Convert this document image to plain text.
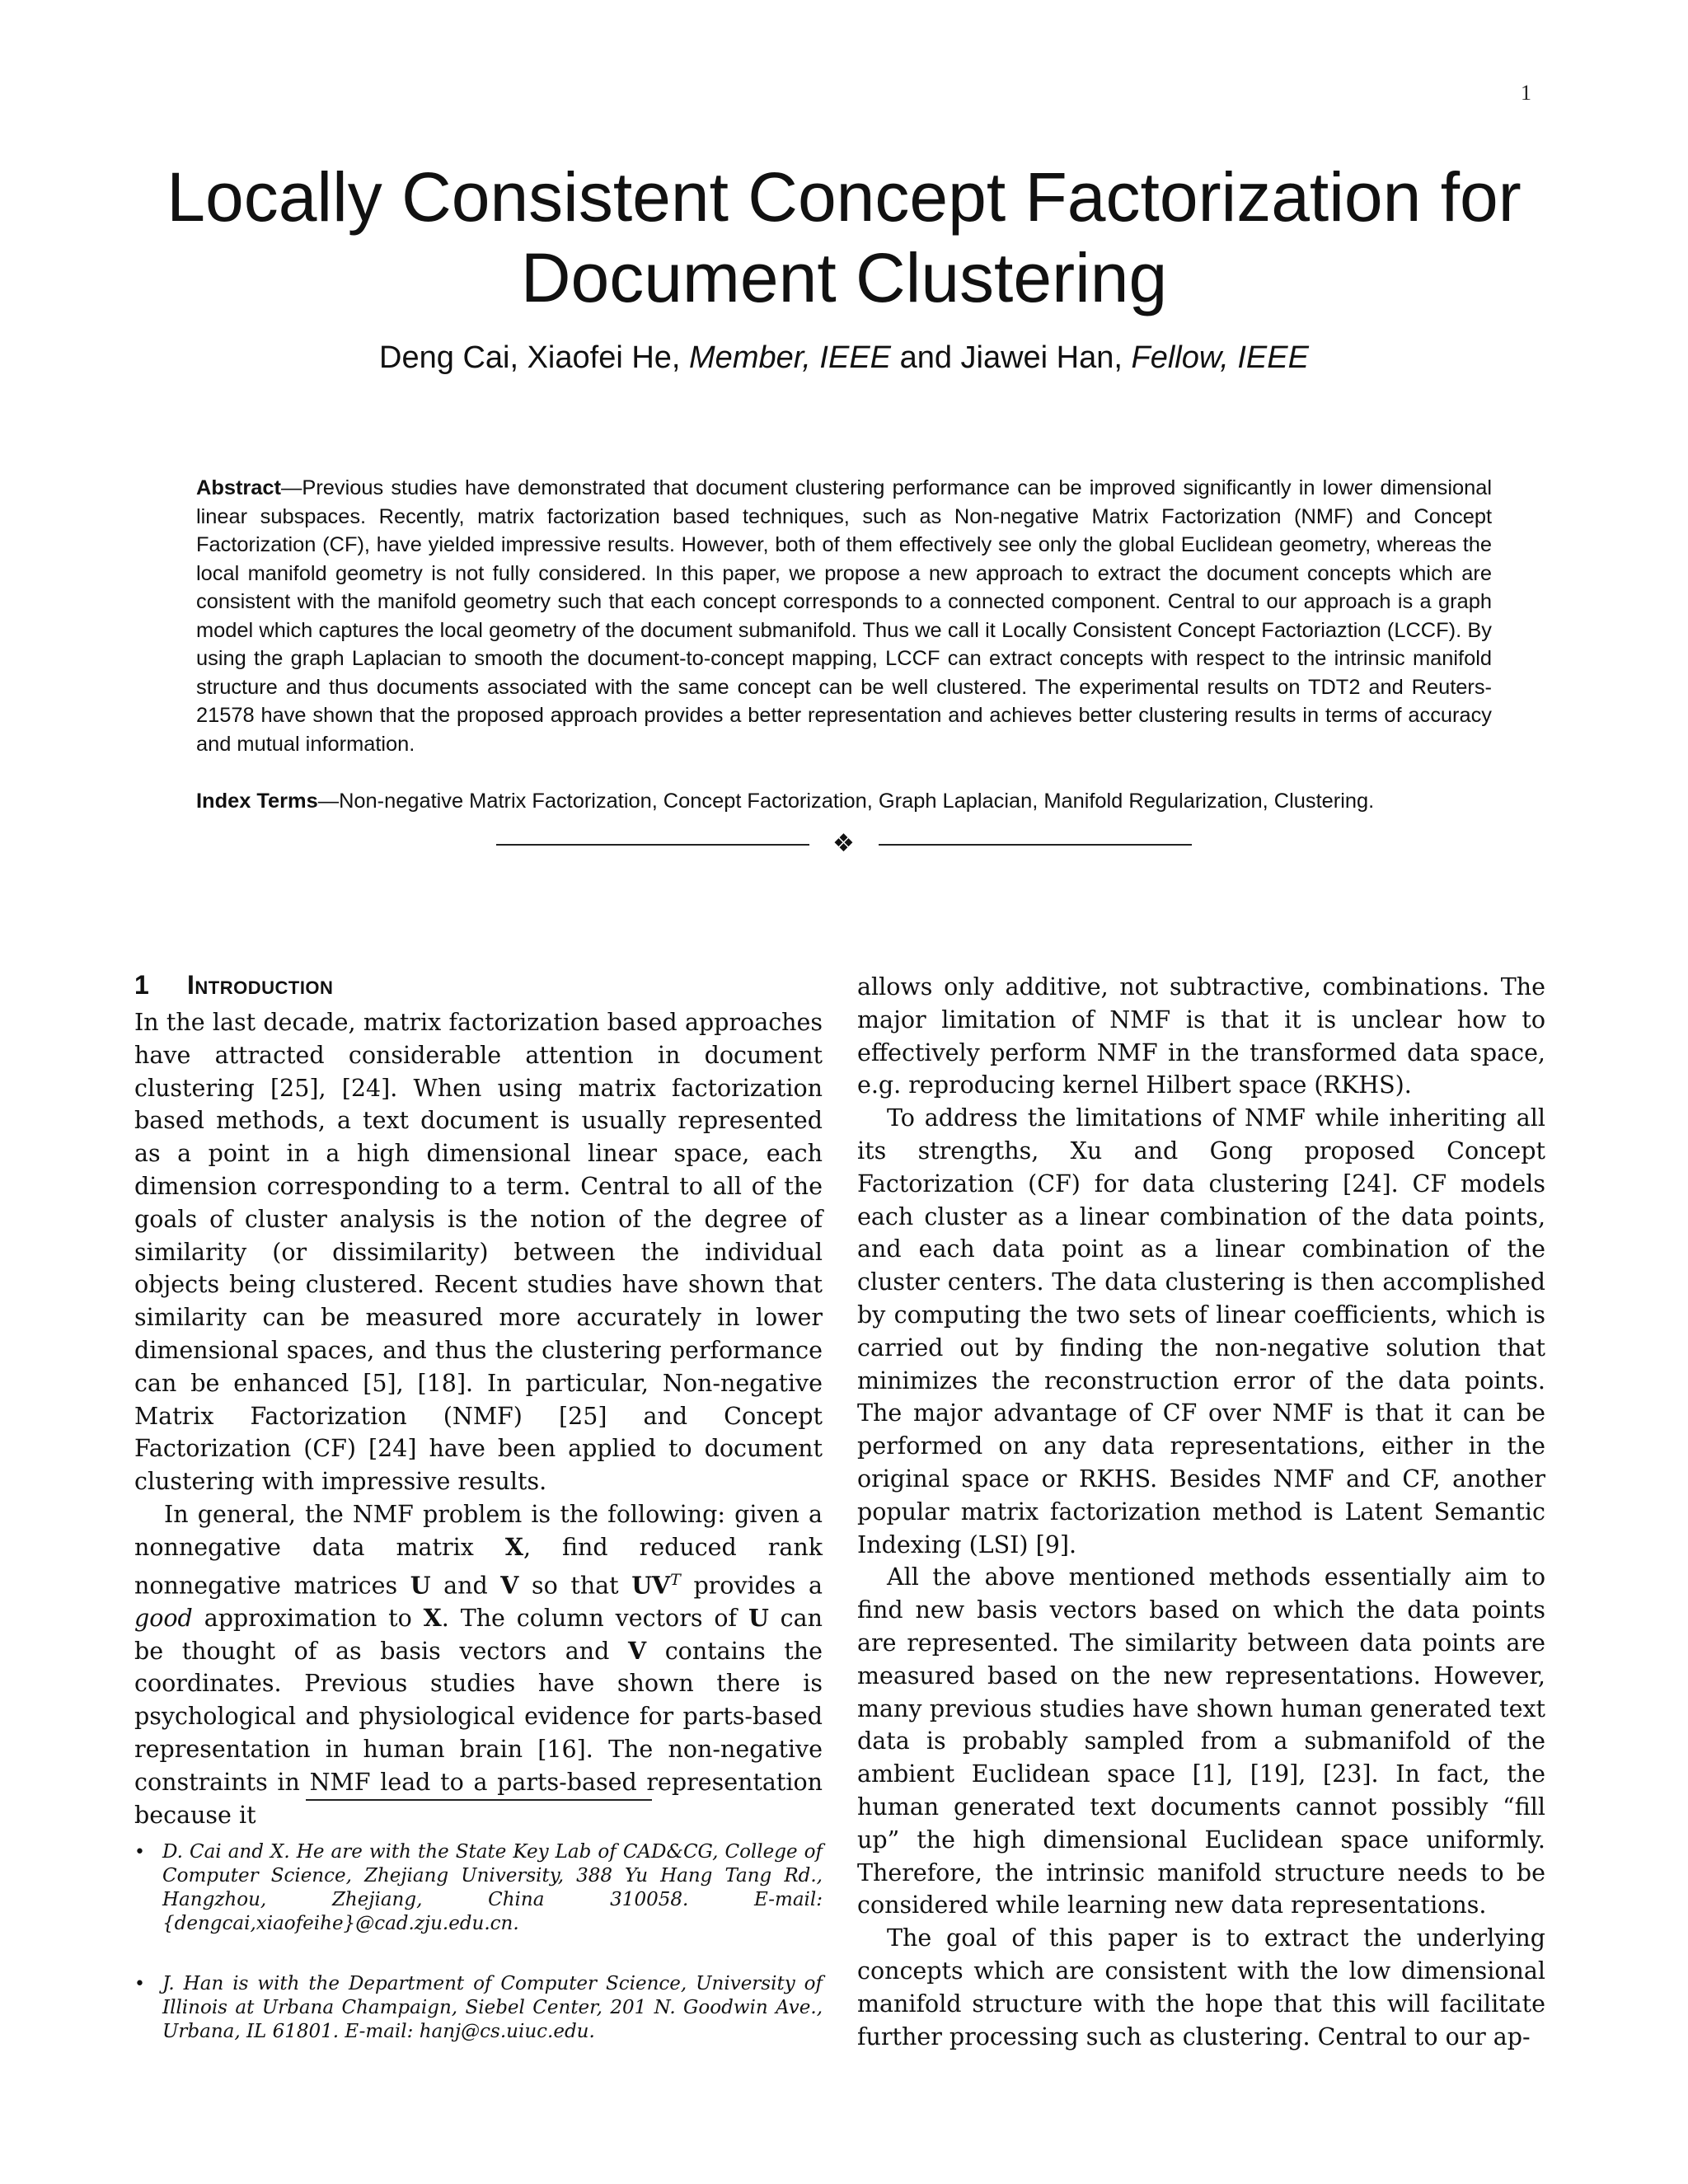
1
Locally Consistent Concept Factorization for Document Clustering
Deng Cai, Xiaofei He, Member, IEEE and Jiawei Han, Fellow, IEEE

Abstract—Previous studies have demonstrated that document clustering performance can be improved significantly in lower dimensional linear subspaces. Recently, matrix factorization based techniques, such as Non-negative Matrix Factorization (NMF) and Concept Factorization (CF), have yielded impressive results. However, both of them effectively see only the global Euclidean geometry, whereas the local manifold geometry is not fully considered. In this paper, we propose a new approach to extract the document concepts which are consistent with the manifold geometry such that each concept corresponds to a connected component. Central to our approach is a graph model which captures the local geometry of the document submanifold. Thus we call it Locally Consistent Concept Factoriaztion (LCCF). By using the graph Laplacian to smooth the document-to-concept mapping, LCCF can extract concepts with respect to the intrinsic manifold structure and thus documents associated with the same concept can be well clustered. The experimental results on TDT2 and Reuters-21578 have shown that the proposed approach provides a better representation and achieves better clustering results in terms of accuracy and mutual information.

Index Terms—Non-negative Matrix Factorization, Concept Factorization, Graph Laplacian, Manifold Regularization, Clustering.

❖
1 Introduction

In the last decade, matrix factorization based approaches have attracted considerable attention in document clustering [25], [24]. When using matrix factorization based methods, a text document is usually represented as a point in a high dimensional linear space, each dimension corresponding to a term. Central to all of the goals of cluster analysis is the notion of the degree of similarity (or dissimilarity) between the individual objects being clustered. Recent studies have shown that similarity can be measured more accurately in lower dimensional spaces, and thus the clustering performance can be enhanced [5], [18]. In particular, Non-negative Matrix Factorization (NMF) [25] and Concept Factorization (CF) [24] have been applied to document clustering with impressive results.

In general, the NMF problem is the following: given a nonnegative data matrix X, find reduced rank nonnegative matrices U and V so that $UV^T$ provides a good approximation to X. The column vectors of U can be thought of as basis vectors and V contains the coordinates. Previous studies have shown there is psychological and physiological evidence for parts-based representation in human brain [16]. The non-negative constraints in NMF lead to a parts-based representation because it

• D. Cai and X. He are with the State Key Lab of CAD&CG, College of Computer Science, Zhejiang University, 388 Yu Hang Tang Rd., Hangzhou, Zhejiang, China 310058. E-mail: {dengcai,xiaofeihe}@cad.zju.edu.cn.

• J. Han is with the Department of Computer Science, University of Illinois at Urbana Champaign, Siebel Center, 201 N. Goodwin Ave., Urbana, IL 61801. E-mail: hanj@cs.uiuc.edu.

allows only additive, not subtractive, combinations. The major limitation of NMF is that it is unclear how to effectively perform NMF in the transformed data space, e.g. reproducing kernel Hilbert space (RKHS).

To address the limitations of NMF while inheriting all its strengths, Xu and Gong proposed Concept Factorization (CF) for data clustering [24]. CF models each cluster as a linear combination of the data points, and each data point as a linear combination of the cluster centers. The data clustering is then accomplished by computing the two sets of linear coefficients, which is carried out by finding the non-negative solution that minimizes the reconstruction error of the data points. The major advantage of CF over NMF is that it can be performed on any data representations, either in the original space or RKHS. Besides NMF and CF, another popular matrix factorization method is Latent Semantic Indexing (LSI) [9].

All the above mentioned methods essentially aim to find new basis vectors based on which the data points are represented. The similarity between data points are measured based on the new representations. However, many previous studies have shown human generated text data is probably sampled from a submanifold of the ambient Euclidean space [1], [19], [23]. In fact, the human generated text documents cannot possibly “fill up” the high dimensional Euclidean space uniformly. Therefore, the intrinsic manifold structure needs to be considered while learning new data representations.

The goal of this paper is to extract the underlying concepts which are consistent with the low dimensional manifold structure with the hope that this will facilitate further processing such as clustering. Central to our ap-
